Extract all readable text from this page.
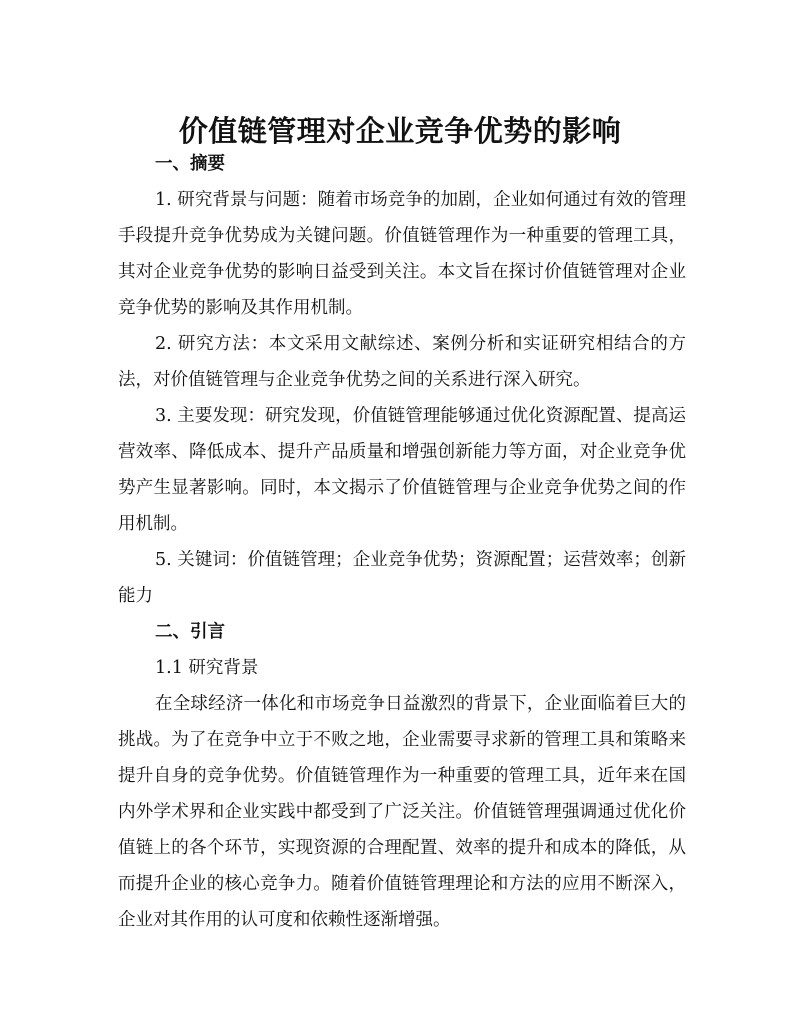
价值链管理对企业竞争优势的影响
一、摘要

1. 研究背景与问题：随着市场竞争的加剧，企业如何通过有效的管理手段提升竞争优势成为关键问题。价值链管理作为一种重要的管理工具，其对企业竞争优势的影响日益受到关注。本文旨在探讨价值链管理对企业竞争优势的影响及其作用机制。

2. 研究方法：本文采用文献综述、案例分析和实证研究相结合的方法，对价值链管理与企业竞争优势之间的关系进行深入研究。

3. 主要发现：研究发现，价值链管理能够通过优化资源配置、提高运营效率、降低成本、提升产品质量和增强创新能力等方面，对企业竞争优势产生显著影响。同时，本文揭示了价值链管理与企业竞争优势之间的作用机制。

5. 关键词：价值链管理；企业竞争优势；资源配置；运营效率；创新能力

二、引言

1.1 研究背景

在全球经济一体化和市场竞争日益激烈的背景下，企业面临着巨大的挑战。为了在竞争中立于不败之地，企业需要寻求新的管理工具和策略来提升自身的竞争优势。价值链管理作为一种重要的管理工具，近年来在国内外学术界和企业实践中都受到了广泛关注。价值链管理强调通过优化价值链上的各个环节，实现资源的合理配置、效率的提升和成本的降低，从而提升企业的核心竞争力。随着价值链管理理论和方法的应用不断深入，企业对其作用的认可度和依赖性逐渐增强。
